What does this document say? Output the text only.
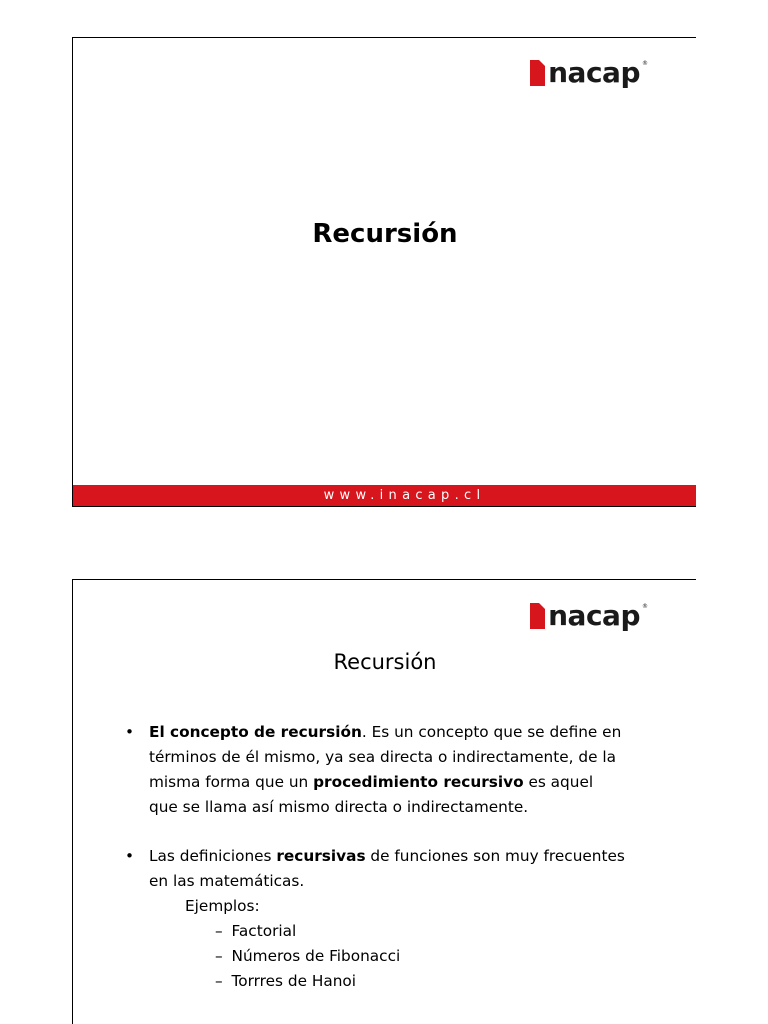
nacap ®
Recursión
www.inacap.cl
nacap ®
Recursión
• El concepto de recursión. Es un concepto que se define en términos de él mismo, ya sea directa o indirectamente, de la misma forma que un procedimiento recursivo es aquel que se llama así mismo directa o indirectamente.
• Las definiciones recursivas de funciones son muy frecuentes en las matemáticas.
Ejemplos:
– Factorial
– Números de Fibonacci
– Torrres de Hanoi
